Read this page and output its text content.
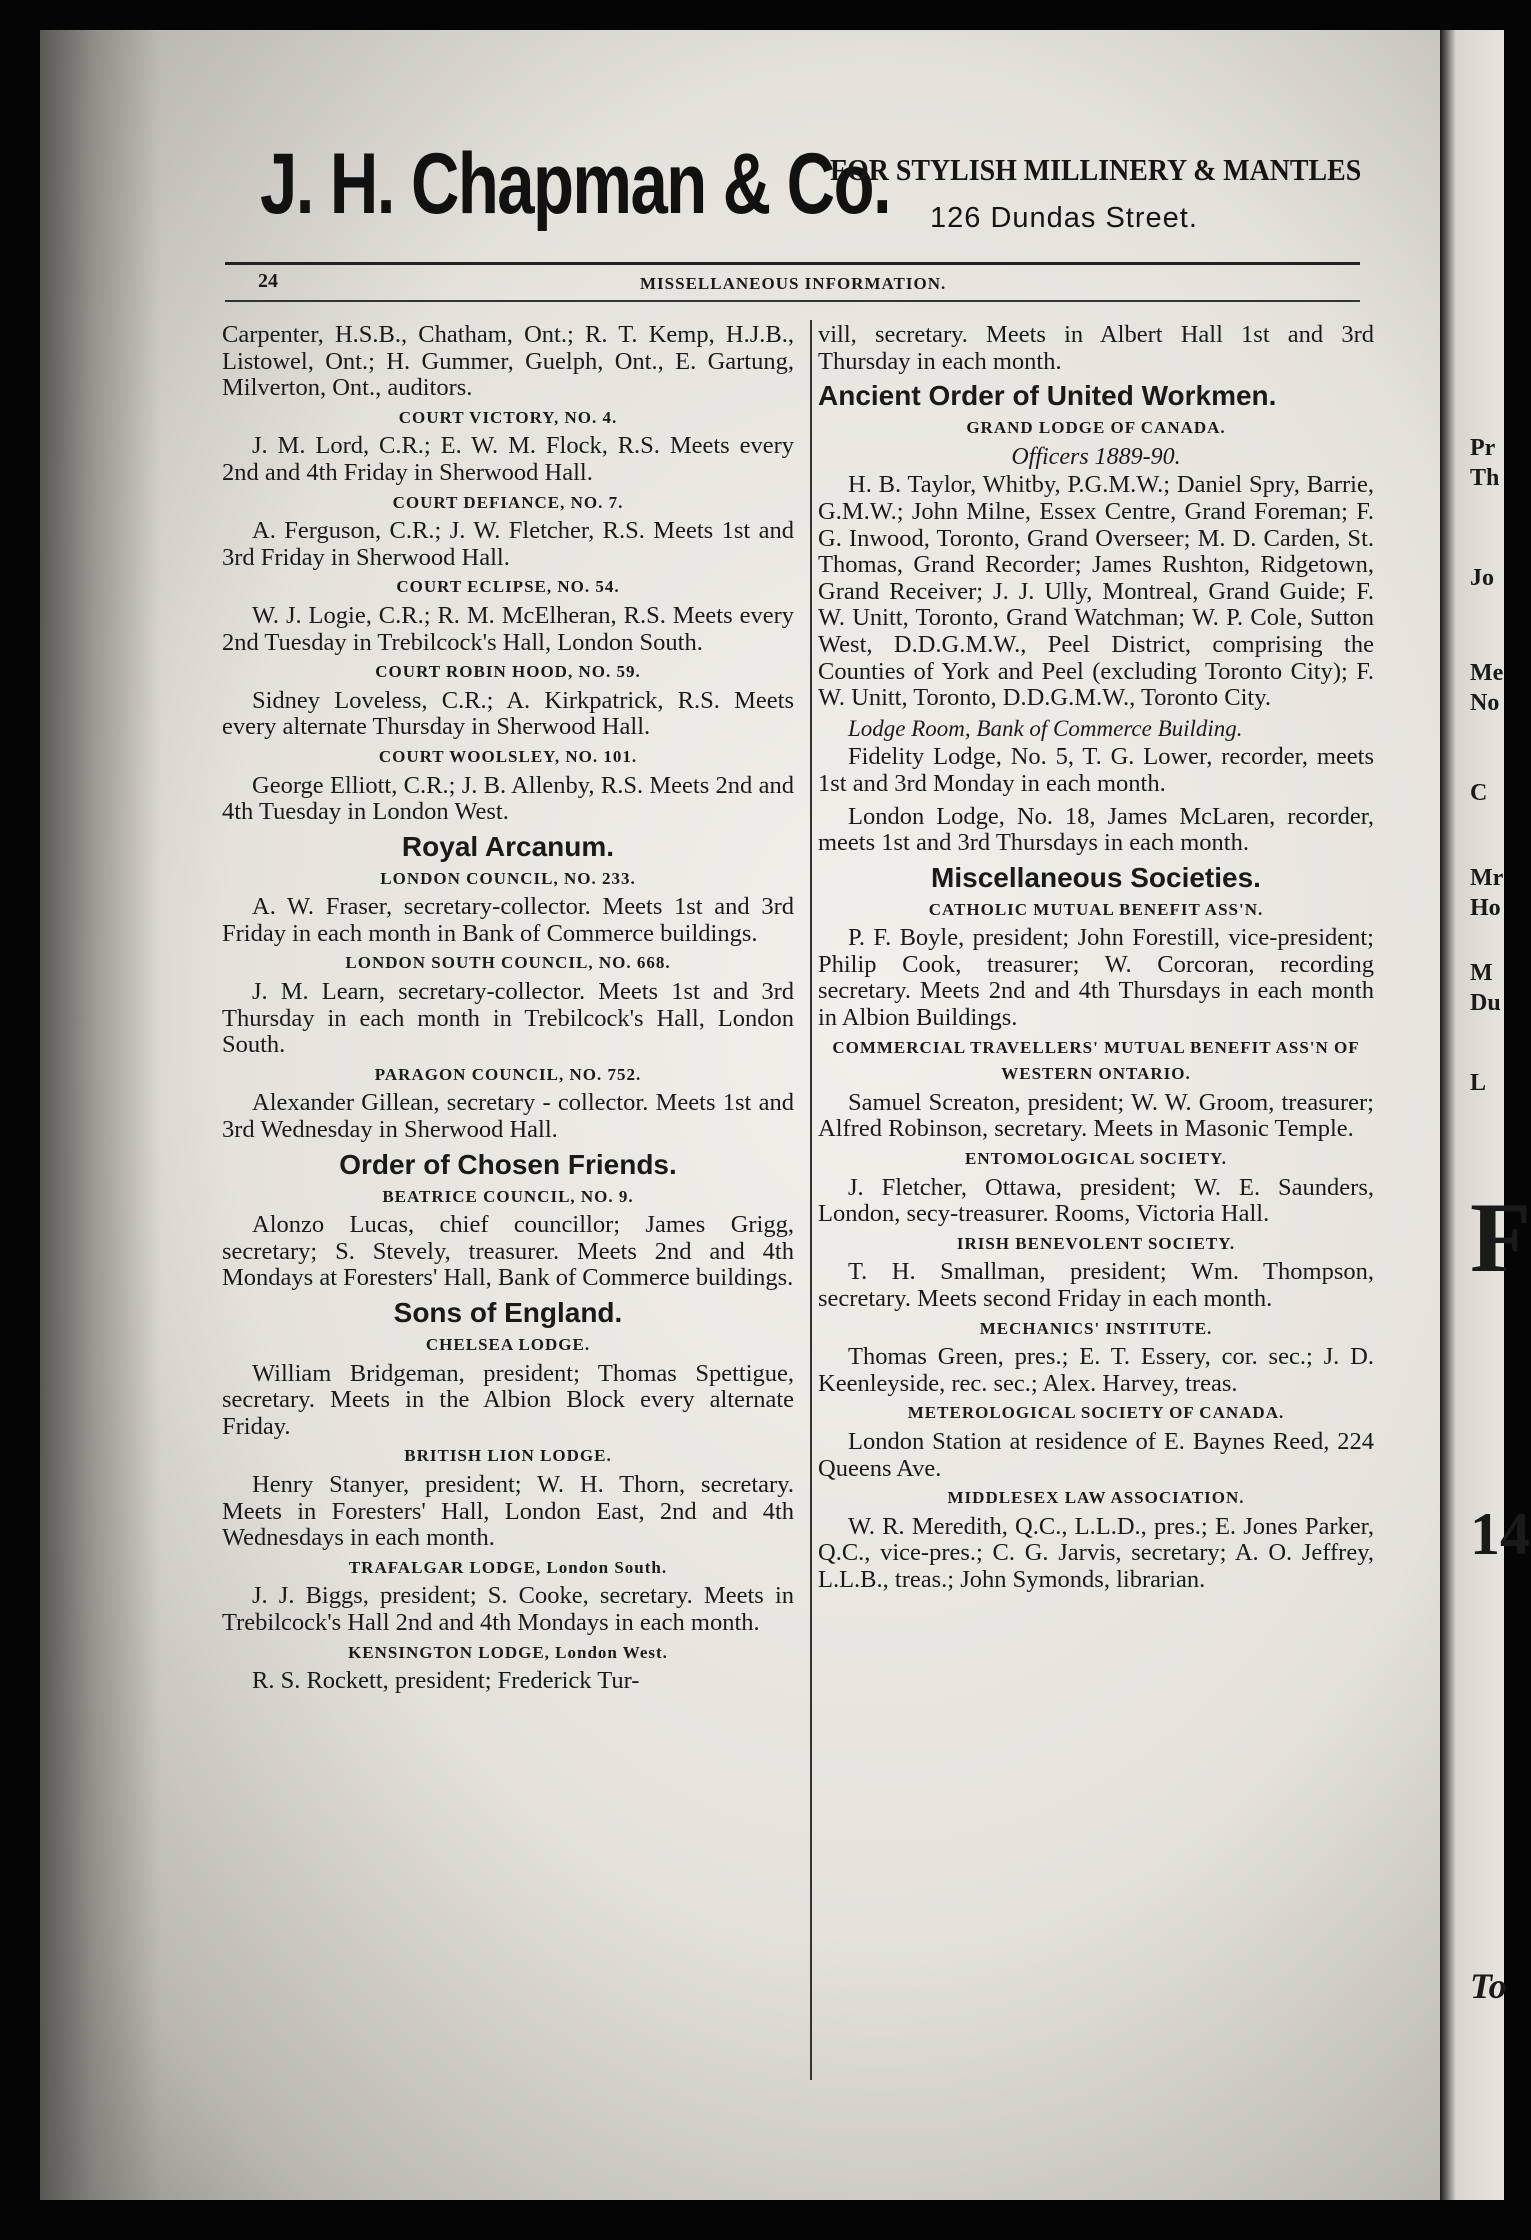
J. H. Chapman & Co.
FOR STYLISH MILLINERY & MANTLES
126 Dundas Street.
24	MISSELLANEOUS INFORMATION.

Carpenter, H.S.B., Chatham, Ont.; R. T. Kemp, H.J.B., Listowel, Ont.; H. Gummer, Guelph, Ont., E. Gartung, Milverton, Ont., auditors.

COURT VICTORY, NO. 4.

J. M. Lord, C.R.; E. W. M. Flock, R.S. Meets every 2nd and 4th Friday in Sherwood Hall.

COURT DEFIANCE, NO. 7.

A. Ferguson, C.R.; J. W. Fletcher, R.S. Meets 1st and 3rd Friday in Sherwood Hall.

COURT ECLIPSE, NO. 54.

W. J. Logie, C.R.; R. M. McElheran, R.S. Meets every 2nd Tuesday in Trebilcock's Hall, London South.

COURT ROBIN HOOD, NO. 59.

Sidney Loveless, C.R.; A. Kirkpatrick, R.S. Meets every alternate Thursday in Sherwood Hall.

COURT WOOLSLEY, NO. 101.

George Elliott, C.R.; J. B. Allenby, R.S. Meets 2nd and 4th Tuesday in London West.

Royal Arcanum.
LONDON COUNCIL, NO. 233.

A. W. Fraser, secretary-collector. Meets 1st and 3rd Friday in each month in Bank of Commerce buildings.

LONDON SOUTH COUNCIL, NO. 668.

J. M. Learn, secretary-collector. Meets 1st and 3rd Thursday in each month in Trebilcock's Hall, London South.

PARAGON COUNCIL, NO. 752.

Alexander Gillean, secretary - collector. Meets 1st and 3rd Wednesday in Sherwood Hall.

Order of Chosen Friends.
BEATRICE COUNCIL, NO. 9.

Alonzo Lucas, chief councillor; James Grigg, secretary; S. Stevely, treasurer. Meets 2nd and 4th Mondays at Foresters' Hall, Bank of Commerce buildings.

Sons of England.
CHELSEA LODGE.

William Bridgeman, president; Thomas Spettigue, secretary. Meets in the Albion Block every alternate Friday.

BRITISH LION LODGE.

Henry Stanyer, president; W. H. Thorn, secretary. Meets in Foresters' Hall, London East, 2nd and 4th Wednesdays in each month.

TRAFALGAR LODGE, London South.

J. J. Biggs, president; S. Cooke, secretary. Meets in Trebilcock's Hall 2nd and 4th Mondays in each month.

KENSINGTON LODGE, London West.

R. S. Rockett, president; Frederick Tur-

vill, secretary. Meets in Albert Hall 1st and 3rd Thursday in each month.

Ancient Order of United Workmen.
GRAND LODGE OF CANADA.
Officers 1889-90.

H. B. Taylor, Whitby, P.G.M.W.; Daniel Spry, Barrie, G.M.W.; John Milne, Essex Centre, Grand Foreman; F. G. Inwood, Toronto, Grand Overseer; M. D. Carden, St. Thomas, Grand Recorder; James Rushton, Ridgetown, Grand Receiver; J. J. Ully, Montreal, Grand Guide; F. W. Unitt, Toronto, Grand Watchman; W. P. Cole, Sutton West, D.D.G.M.W., Peel District, comprising the Counties of York and Peel (excluding Toronto City); F. W. Unitt, Toronto, D.D.G.M.W., Toronto City.

Lodge Room, Bank of Commerce Building.

Fidelity Lodge, No. 5, T. G. Lower, recorder, meets 1st and 3rd Monday in each month.

London Lodge, No. 18, James McLaren, recorder, meets 1st and 3rd Thursdays in each month.

Miscellaneous Societies.
CATHOLIC MUTUAL BENEFIT ASS'N.

P. F. Boyle, president; John Forestill, vice-president; Philip Cook, treasurer; W. Corcoran, recording secretary. Meets 2nd and 4th Thursdays in each month in Albion Buildings.

COMMERCIAL TRAVELLERS' MUTUAL BENEFIT ASS'N OF WESTERN ONTARIO.

Samuel Screaton, president; W. W. Groom, treasurer; Alfred Robinson, secretary. Meets in Masonic Temple.

ENTOMOLOGICAL SOCIETY.

J. Fletcher, Ottawa, president; W. E. Saunders, London, secy-treasurer. Rooms, Victoria Hall.

IRISH BENEVOLENT SOCIETY.

T. H. Smallman, president; Wm. Thompson, secretary. Meets second Friday in each month.

MECHANICS' INSTITUTE.

Thomas Green, pres.; E. T. Essery, cor. sec.; J. D. Keenleyside, rec. sec.; Alex. Harvey, treas.

METEROLOGICAL SOCIETY OF CANADA.

London Station at residence of E. Baynes Reed, 224 Queens Ave.

MIDDLESEX LAW ASSOCIATION.

W. R. Meredith, Q.C., L.L.D., pres.; E. Jones Parker, Q.C., vice-pres.; C. G. Jarvis, secretary; A. O. Jeffrey, L.L.B., treas.; John Symonds, librarian.

Pr
Th
Jo
Me
No
C
Mr
Ho
M
Du
L
F
14
To
